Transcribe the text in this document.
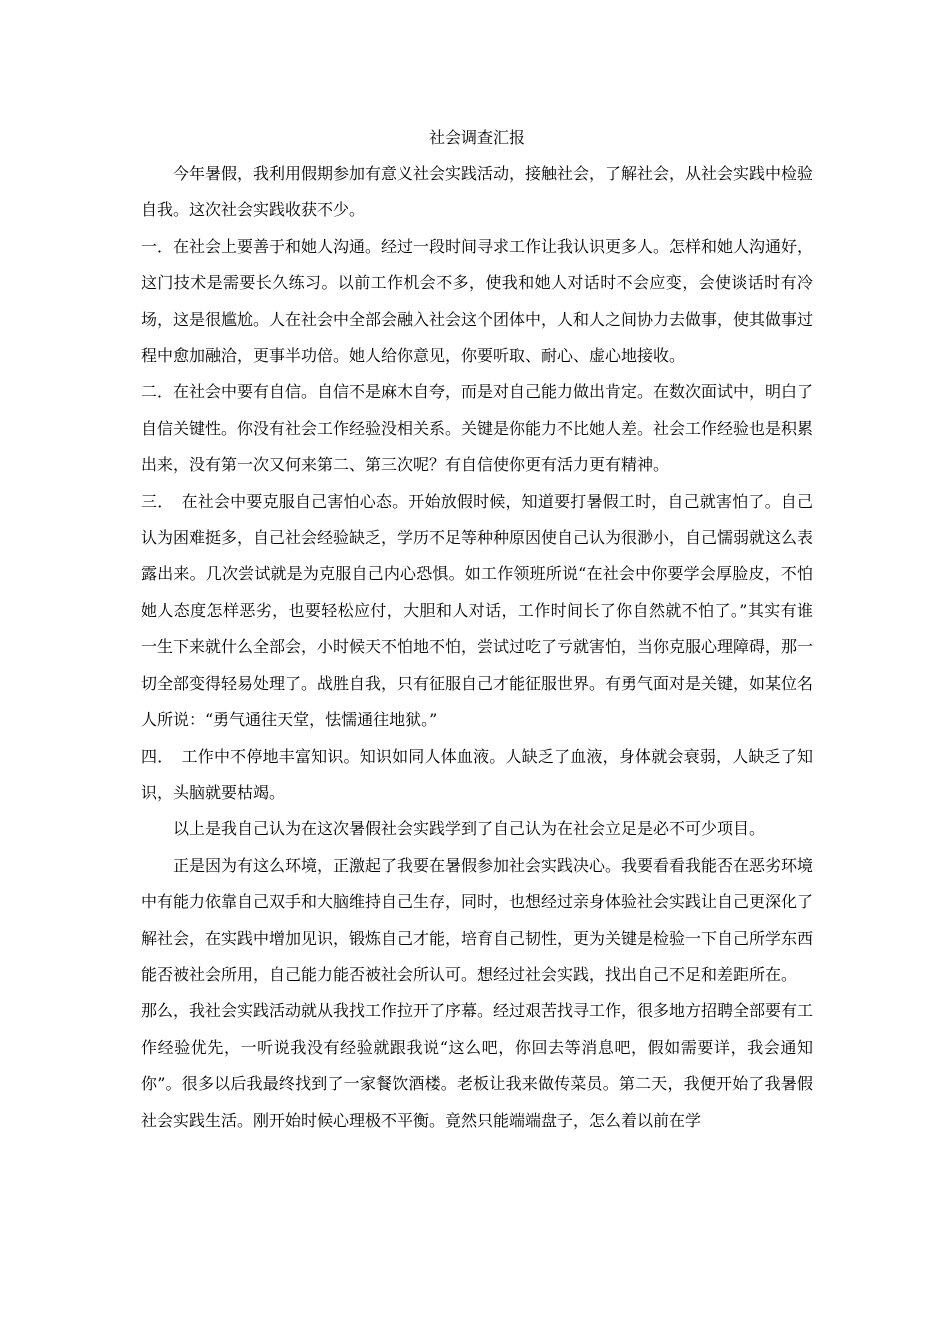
社会调查汇报

今年暑假，我利用假期参加有意义社会实践活动，接触社会，了解社会，从社会实践中检验自我。这次社会实践收获不少。

一．在社会上要善于和她人沟通。经过一段时间寻求工作让我认识更多人。怎样和她人沟通好，这门技术是需要长久练习。以前工作机会不多，使我和她人对话时不会应变，会使谈话时有冷场，这是很尴尬。人在社会中全部会融入社会这个团体中，人和人之间协力去做事，使其做事过程中愈加融洽，更事半功倍。她人给你意见，你要听取、耐心、虚心地接收。

二．在社会中要有自信。自信不是麻木自夸，而是对自己能力做出肯定。在数次面试中，明白了自信关键性。你没有社会工作经验没相关系。关键是你能力不比她人差。社会工作经验也是积累出来，没有第一次又何来第二、第三次呢？有自信使你更有活力更有精神。

三．　在社会中要克服自己害怕心态。开始放假时候，知道要打暑假工时，自己就害怕了。自己认为困难挺多，自己社会经验缺乏，学历不足等种种原因使自己认为很渺小，自己懦弱就这么表露出来。几次尝试就是为克服自己内心恐惧。如工作领班所说“在社会中你要学会厚脸皮，不怕她人态度怎样恶劣，也要轻松应付，大胆和人对话，工作时间长了你自然就不怕了。”其实有谁一生下来就什么全部会，小时候天不怕地不怕，尝试过吃了亏就害怕，当你克服心理障碍，那一切全部变得轻易处理了。战胜自我，只有征服自己才能征服世界。有勇气面对是关键，如某位名人所说：“勇气通往天堂，怯懦通往地狱。”

四．　工作中不停地丰富知识。知识如同人体血液。人缺乏了血液，身体就会衰弱，人缺乏了知识，头脑就要枯竭。

以上是我自己认为在这次暑假社会实践学到了自己认为在社会立足是必不可少项目。

正是因为有这么环境，正激起了我要在暑假参加社会实践决心。我要看看我能否在恶劣环境中有能力依靠自己双手和大脑维持自己生存，同时，也想经过亲身体验社会实践让自己更深化了解社会，在实践中增加见识，锻炼自己才能，培育自己韧性，更为关键是检验一下自己所学东西能否被社会所用，自己能力能否被社会所认可。想经过社会实践，找出自己不足和差距所在。

那么，我社会实践活动就从我找工作拉开了序幕。经过艰苦找寻工作，很多地方招聘全部要有工作经验优先，一听说我没有经验就跟我说“这么吧，你回去等消息吧，假如需要详，我会通知你”。很多以后我最终找到了一家餐饮酒楼。老板让我来做传菜员。第二天，我便开始了我暑假社会实践生活。刚开始时候心理极不平衡。竟然只能端端盘子，怎么着以前在学
